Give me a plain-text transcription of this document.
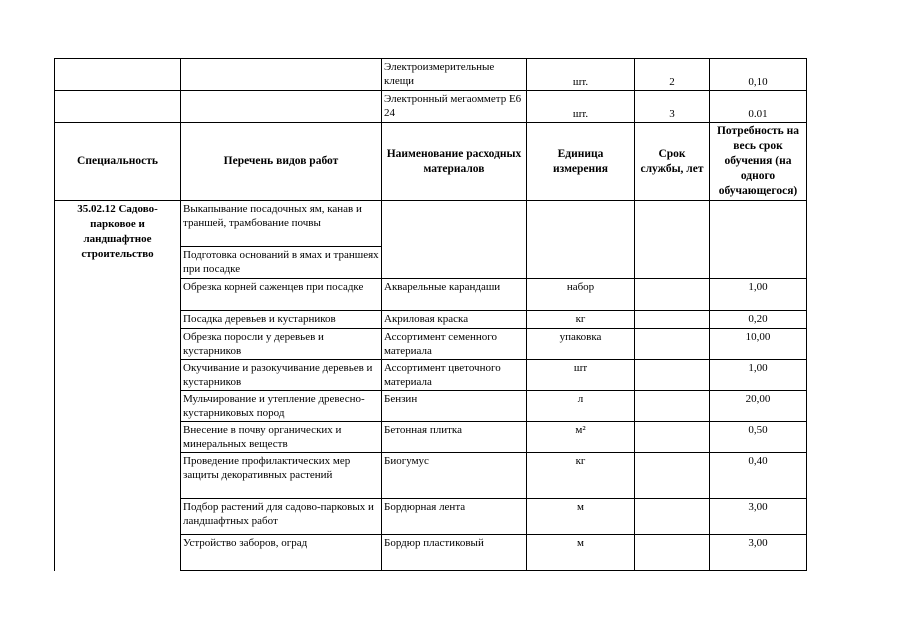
		Электроизмерительные клещи	шт.	2	0,10
		Электронный мегаомметр Е6 24	шт.	3	0.01
Специальность	Перечень видов работ	Наименование расходных материалов	Единица измерения	Срок службы, лет	Потребность на весь срок обучения (на одного обучающегося)
35.02.12 Садово-парковое и ландшафтное строительство	Выкапывание посадочных ям, канав и траншей, трамбование почвы				
	Подготовка оснований в ямах и траншеях при посадке				
	Обрезка корней саженцев при посадке	Акварельные карандаши	набор		1,00
	Посадка деревьев и кустарников	Акриловая краска	кг		0,20
	Обрезка поросли у деревьев и кустарников	Ассортимент семенного материала	упаковка		10,00
	Окучивание и разокучивание деревьев и кустарников	Ассортимент цветочного материала	шт		1,00
	Мульчирование и утепление древесно-кустарниковых пород	Бензин	л		20,00
	Внесение в почву органических и минеральных веществ	Бетонная плитка	м²		0,50
	Проведение профилактических мер защиты декоративных растений	Биогумус	кг		0,40
	Подбор растений для садово-парковых и ландшафтных работ	Бордюрная лента	м		3,00
	Устройство заборов, оград	Бордюр пластиковый	м		3,00
